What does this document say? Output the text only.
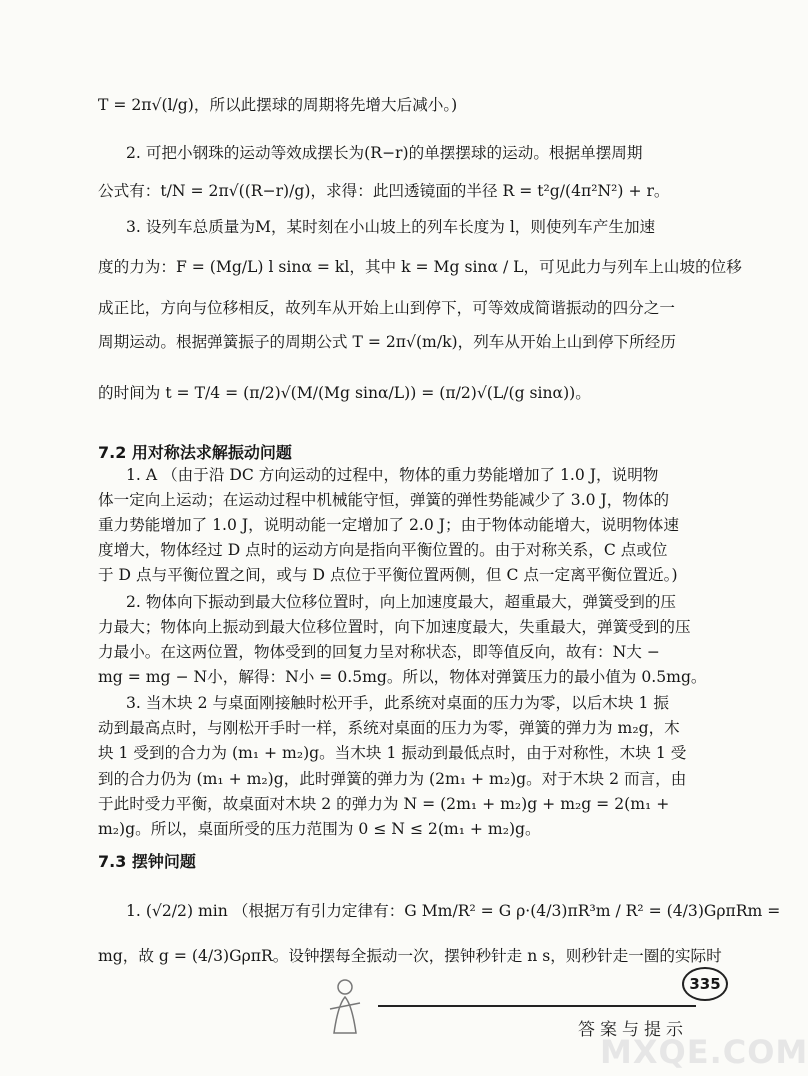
T = 2π√(l/g)，所以此摆球的周期将先增大后减小。)
2. 可把小钢珠的运动等效成摆长为(R−r)的单摆摆球的运动。根据单摆周期
公式有：t/N = 2π√((R−r)/g)，求得：此凹透镜面的半径 R = t²g/(4π²N²) + r。
3. 设列车总质量为M，某时刻在小山坡上的列车长度为 l，则使列车产生加速
度的力为：F = (Mg/L) l sinα = kl，其中 k = Mg sinα / L，可见此力与列车上山坡的位移
成正比，方向与位移相反，故列车从开始上山到停下，可等效成简谐振动的四分之一
周期运动。根据弹簧振子的周期公式 T = 2π√(m/k)，列车从开始上山到停下所经历
的时间为 t = T/4 = (π/2)√(M/(Mg sinα/L)) = (π/2)√(L/(g sinα))。
7.2 用对称法求解振动问题
1. A （由于沿 DC 方向运动的过程中，物体的重力势能增加了 1.0 J，说明物
体一定向上运动；在运动过程中机械能守恒，弹簧的弹性势能减少了 3.0 J，物体的
重力势能增加了 1.0 J，说明动能一定增加了 2.0 J；由于物体动能增大，说明物体速
度增大，物体经过 D 点时的运动方向是指向平衡位置的。由于对称关系，C 点或位
于 D 点与平衡位置之间，或与 D 点位于平衡位置两侧，但 C 点一定离平衡位置近。)
2. 物体向下振动到最大位移位置时，向上加速度最大，超重最大，弹簧受到的压
力最大；物体向上振动到最大位移位置时，向下加速度最大，失重最大，弹簧受到的压
力最小。在这两位置，物体受到的回复力呈对称状态，即等值反向，故有：N大 −
mg = mg − N小，解得：N小 = 0.5mg。所以，物体对弹簧压力的最小值为 0.5mg。
3. 当木块 2 与桌面刚接触时松开手，此系统对桌面的压力为零，以后木块 1 振
动到最高点时，与刚松开手时一样，系统对桌面的压力为零，弹簧的弹力为 m₂g，木
块 1 受到的合力为 (m₁ + m₂)g。当木块 1 振动到最低点时，由于对称性，木块 1 受
到的合力仍为 (m₁ + m₂)g，此时弹簧的弹力为 (2m₁ + m₂)g。对于木块 2 而言，由
于此时受力平衡，故桌面对木块 2 的弹力为 N = (2m₁ + m₂)g + m₂g = 2(m₁ +
m₂)g。所以，桌面所受的压力范围为 0 ≤ N ≤ 2(m₁ + m₂)g。
7.3 摆钟问题
1. (√2/2) min （根据万有引力定律有：G Mm/R² = G ρ·(4/3)πR³m / R² = (4/3)GρπRm =
mg，故 g = (4/3)GρπR。设钟摆每全振动一次，摆钟秒针走 n s，则秒针走一圈的实际时
335
答案与提示
MXQE.COM
